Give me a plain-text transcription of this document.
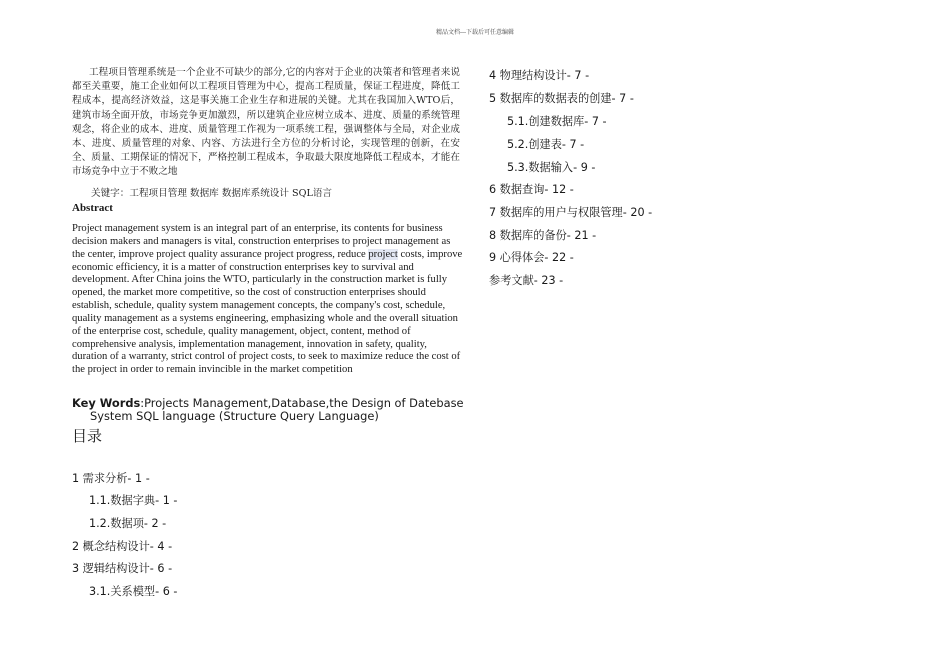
精品文档---下载后可任意编辑

工程项目管理系统是一个企业不可缺少的部分,它的内容对于企业的决策者和管理者来说都至关重要，施工企业如何以工程项目管理为中心，提高工程质量，保证工程进度，降低工程成本，提高经济效益，这是事关施工企业生存和进展的关键。尤其在我国加入WTO后，建筑市场全面开放，市场竞争更加激烈，所以建筑企业应树立成本、进度、质量的系统管理观念，将企业的成本、进度、质量管理工作视为一项系统工程，强调整体与全局，对企业成本、进度、质量管理的对象、内容、方法进行全方位的分析讨论，实现管理的创新，在安全、质量、工期保证的情况下，严格控制工程成本，争取最大限度地降低工程成本，才能在市场竞争中立于不败之地

关键字：工程项目管理 数据库 数据库系统设计 SQL语言

Abstract

Project management system is an integral part of an enterprise, its contents for business decision makers and managers is vital, construction enterprises to project management as the center, improve project quality assurance project progress, reduce project costs, improve economic efficiency, it is a matter of construction enterprises key to survival and development. After China joins the WTO, particularly in the construction market is fully opened, the market more competitive, so the cost of construction enterprises should establish, schedule, quality system management concepts, the company's cost, schedule, quality management as a systems engineering, emphasizing whole and the overall situation of the enterprise cost, schedule, quality management, object, content, method of comprehensive analysis, implementation management, innovation in safety, quality, duration of a warranty, strict control of project costs, to seek to maximize reduce the cost of the project in order to remain invincible in the market competition

Key Words:Projects Management,Database,the Design of Datebase System SQL language (Structure Query Language)

目录

1 需求分析- 1 -
1.1.数据字典- 1 -
1.2.数据项- 2 -
2 概念结构设计- 4 -
3 逻辑结构设计- 6 -
3.1.关系模型- 6 -
4 物理结构设计- 7 -
5 数据库的数据表的创建- 7 -
5.1.创建数据库- 7 -
5.2.创建表- 7 -
5.3.数据输入- 9 -
6 数据查询- 12 -
7 数据库的用户与权限管理- 20 -
8 数据库的备份- 21 -
9 心得体会- 22 -
参考文献- 23 -
